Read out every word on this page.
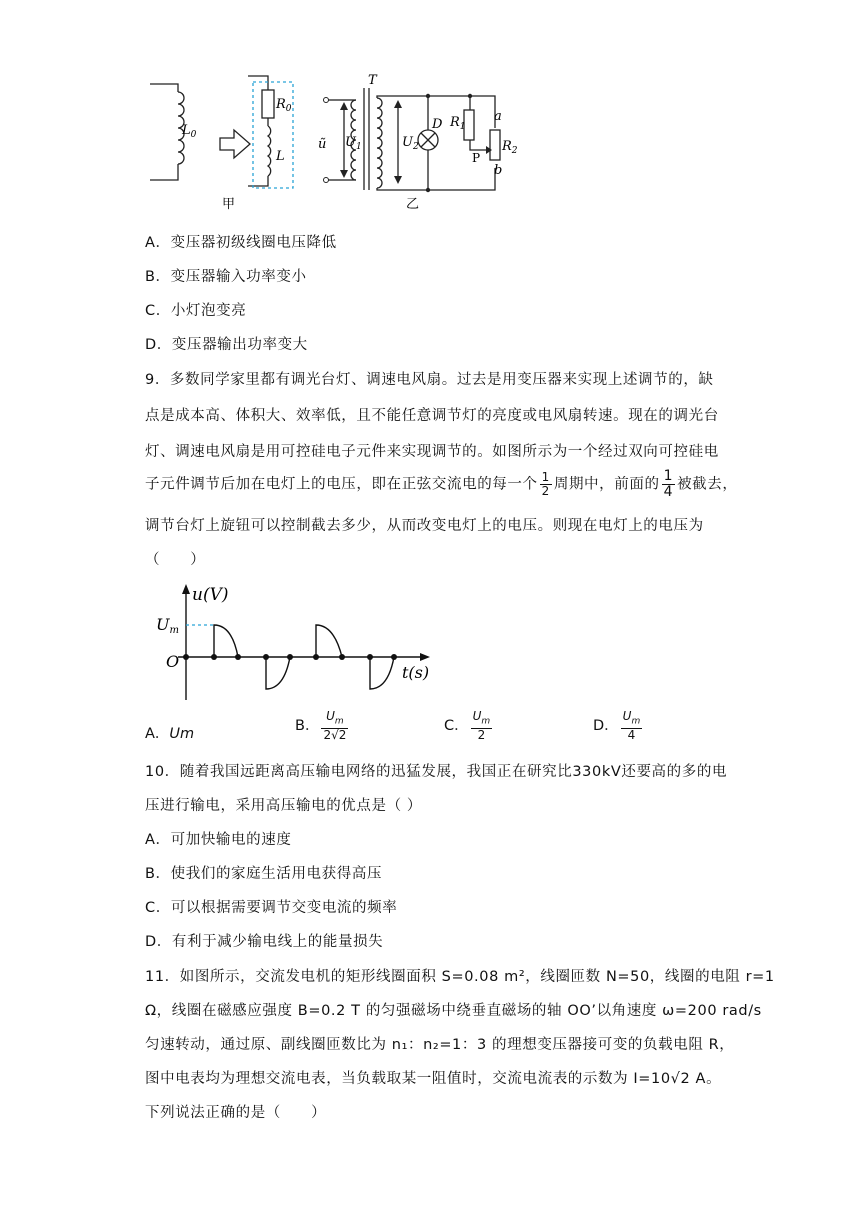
$L_0$
$R_0$
L
T
ũ $U_1$	$U_2$
D $R_1$
a
$R_2$
b
P
甲	乙
A．变压器初级线圈电压降低
B．变压器输入功率变小
C．小灯泡变亮
D．变压器输出功率变大
9．多数同学家里都有调光台灯、调速电风扇。过去是用变压器来实现上述调节的，缺
点是成本高、体积大、效率低，且不能任意调节灯的亮度或电风扇转速。现在的调光台
灯、调速电风扇是用可控硅电子元件来实现调节的。如图所示为一个经过双向可控硅电
子元件调节后加在电灯上的电压，即在正弦交流电的每一个 $\frac{1}{2}$ 周期中，前面的 $\frac{1}{4}$ 被截去，
调节台灯上旋钮可以控制截去多少，从而改变电灯上的电压。则现在电灯上的电压为
（　　）
u(V)
Um
O
t(s)
A．Um	B． $\frac{U_m}{2√2}$	C． $\frac{U_m}{2}$	D． $\frac{U_m}{4}$
10．随着我国远距离高压输电网络的迅猛发展，我国正在研究比330kV还要高的多的电
压进行输电，采用高压输电的优点是（ ）
A．可加快输电的速度
B．使我们的家庭生活用电获得高压
C．可以根据需要调节交变电流的频率
D．有利于减少输电线上的能量损失
11．如图所示，交流发电机的矩形线圈面积 S=0.08 m²，线圈匝数 N=50，线圈的电阻 r=1
Ω，线圈在磁感应强度 B=0.2 T 的匀强磁场中绕垂直磁场的轴 OO’以角速度 ω=200 rad/s
匀速转动，通过原、副线圈匝数比为 n₁：n₂=1：3 的理想变压器接可变的负载电阻 R，
图中电表均为理想交流电表，当负载取某一阻值时，交流电流表的示数为 I=10√2 A。
下列说法正确的是（　　）
